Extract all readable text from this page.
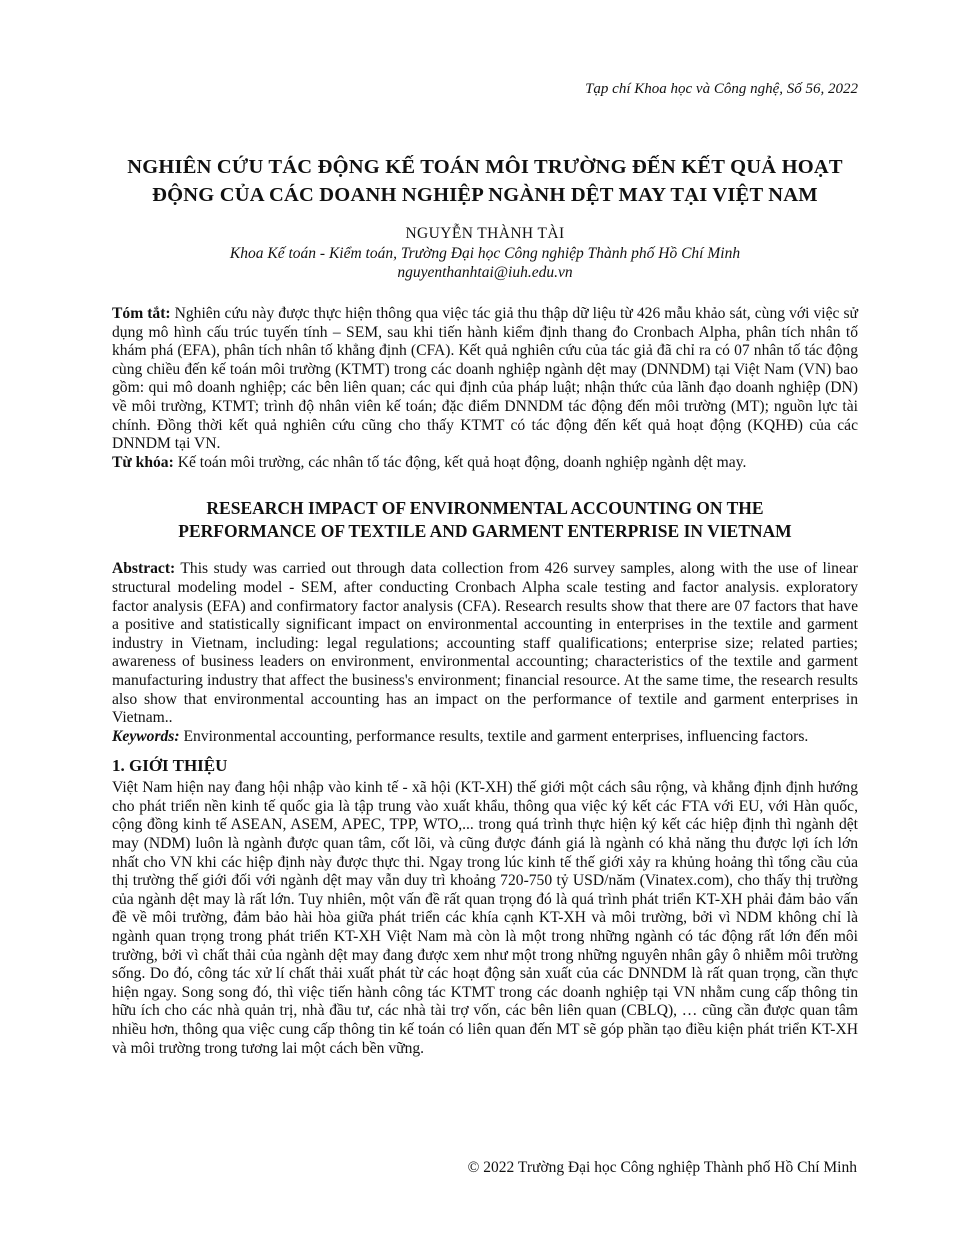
Tạp chí Khoa học và Công nghệ, Số 56, 2022
NGHIÊN CỨU TÁC ĐỘNG KẾ TOÁN MÔI TRƯỜNG ĐẾN KẾT QUẢ HOẠT ĐỘNG CỦA CÁC DOANH NGHIỆP NGÀNH DỆT MAY TẠI VIỆT NAM
NGUYỄN THÀNH TÀI
Khoa Kế toán - Kiểm toán, Trường Đại học Công nghiệp Thành phố Hồ Chí Minh
nguyenthanhtai@iuh.edu.vn
Tóm tắt: Nghiên cứu này được thực hiện thông qua việc tác giả thu thập dữ liệu từ 426 mẫu khảo sát, cùng với việc sử dụng mô hình cấu trúc tuyến tính – SEM, sau khi tiến hành kiểm định thang đo Cronbach Alpha, phân tích nhân tố khám phá (EFA), phân tích nhân tố khẳng định (CFA). Kết quả nghiên cứu của tác giả đã chỉ ra có 07 nhân tố tác động cùng chiều đến kế toán môi trường (KTMT) trong các doanh nghiệp ngành dệt may (DNNDM) tại Việt Nam (VN) bao gồm: qui mô doanh nghiệp; các bên liên quan; các qui định của pháp luật; nhận thức của lãnh đạo doanh nghiệp (DN) về môi trường, KTMT; trình độ nhân viên kế toán; đặc điểm DNNDM tác động đến môi trường (MT); nguồn lực tài chính. Đồng thời kết quả nghiên cứu cũng cho thấy KTMT có tác động đến kết quả hoạt động (KQHĐ) của các DNNDM tại VN.
Từ khóa: Kế toán môi trường, các nhân tố tác động, kết quả hoạt động, doanh nghiệp ngành dệt may.
RESEARCH IMPACT OF ENVIRONMENTAL ACCOUNTING ON THE PERFORMANCE OF TEXTILE AND GARMENT ENTERPRISE IN VIETNAM
Abstract: This study was carried out through data collection from 426 survey samples, along with the use of linear structural modeling model - SEM, after conducting Cronbach Alpha scale testing and factor analysis. exploratory factor analysis (EFA) and confirmatory factor analysis (CFA). Research results show that there are 07 factors that have a positive and statistically significant impact on environmental accounting in enterprises in the textile and garment industry in Vietnam, including: legal regulations; accounting staff qualifications; enterprise size; related parties; awareness of business leaders on environment, environmental accounting; characteristics of the textile and garment manufacturing industry that affect the business's environment; financial resource. At the same time, the research results also show that environmental accounting has an impact on the performance of textile and garment enterprises in Vietnam..
Keywords: Environmental accounting, performance results, textile and garment enterprises, influencing factors.
1. GIỚI THIỆU
Việt Nam hiện nay đang hội nhập vào kinh tế - xã hội (KT-XH) thế giới một cách sâu rộng, và khẳng định định hướng cho phát triển nền kinh tế quốc gia là tập trung vào xuất khẩu, thông qua việc ký kết các FTA với EU, với Hàn quốc, cộng đồng kinh tế ASEAN, ASEM, APEC, TPP, WTO,... trong quá trình thực hiện ký kết các hiệp định thì ngành dệt may (NDM) luôn là ngành được quan tâm, cốt lõi, và cũng được đánh giá là ngành có khả năng thu được lợi ích lớn nhất cho VN khi các hiệp định này được thực thi. Ngay trong lúc kinh tế thế giới xảy ra khủng hoảng thì tổng cầu của thị trường thế giới đối với ngành dệt may vẫn duy trì khoảng 720-750 tỷ USD/năm (Vinatex.com), cho thấy thị trường của ngành dệt may là rất lớn. Tuy nhiên, một vấn đề rất quan trọng đó là quá trình phát triển KT-XH phải đảm bảo vấn đề về môi trường, đảm bảo hài hòa giữa phát triển các khía cạnh KT-XH và môi trường, bởi vì NDM không chỉ là ngành quan trọng trong phát triển KT-XH Việt Nam mà còn là một trong những ngành có tác động rất lớn đến môi trường, bởi vì chất thải của ngành dệt may đang được xem như một trong những nguyên nhân gây ô nhiễm môi trường sống. Do đó, công tác xử lí chất thải xuất phát từ các hoạt động sản xuất của các DNNDM là rất quan trọng, cần thực hiện ngay. Song song đó, thì việc tiến hành công tác KTMT trong các doanh nghiệp tại VN nhằm cung cấp thông tin hữu ích cho các nhà quản trị, nhà đầu tư, các nhà tài trợ vốn, các bên liên quan (CBLQ), … cũng cần được quan tâm nhiều hơn, thông qua việc cung cấp thông tin kế toán có liên quan đến MT sẽ góp phần tạo điều kiện phát triển KT-XH và môi trường trong tương lai một cách bền vững.
© 2022 Trường Đại học Công nghiệp Thành phố Hồ Chí Minh
